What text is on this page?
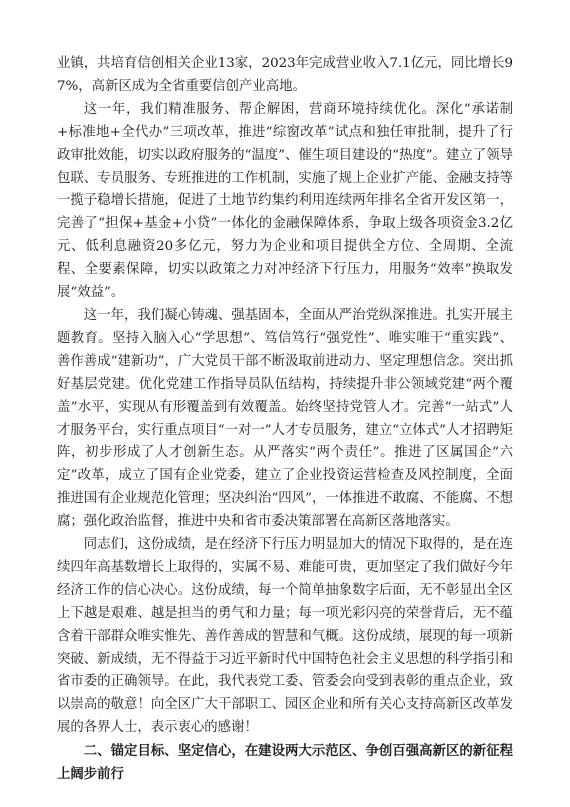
业镇，共培育信创相关企业13家，2023年完成营业收入7.1亿元，同比增长97%，高新区成为全省重要信创产业高地。

这一年，我们精准服务、帮企解困，营商环境持续优化。深化“承诺制+标准地+全代办”三项改革，推进“综窗改革”试点和独任审批制，提升了行政审批效能，切实以政府服务的“温度”、催生项目建设的“热度”。建立了领导包联、专员服务、专班推进的工作机制，实施了规上企业扩产能、金融支持等一揽子稳增长措施，促进了土地节约集约利用连续两年排名全省开发区第一，完善了“担保+基金+小贷”一体化的金融保障体系，争取上级各项资金3.2亿元、低利息融资20多亿元，努力为企业和项目提供全方位、全周期、全流程、全要素保障，切实以政策之力对冲经济下行压力，用服务“效率”换取发展“效益”。

这一年，我们凝心铸魂、强基固本，全面从严治党纵深推进。扎实开展主题教育。坚持入脑入心“学思想”、笃信笃行“强党性”、唯实唯干“重实践”、善作善成“建新功”，广大党员干部不断汲取前进动力、坚定理想信念。突出抓好基层党建。优化党建工作指导员队伍结构，持续提升非公领域党建“两个覆盖”水平，实现从有形覆盖到有效覆盖。始终坚持党管人才。完善“一站式”人才服务平台，实行重点项目“一对一”人才专员服务，建立“立体式”人才招聘矩阵，初步形成了人才创新生态。从严落实“两个责任”。推进了区属国企“六定”改革，成立了国有企业党委，建立了企业投资运营检查及风控制度，全面推进国有企业规范化管理；坚决纠治“四风”，一体推进不敢腐、不能腐、不想腐；强化政治监督，推进中央和省市委决策部署在高新区落地落实。

同志们，这份成绩，是在经济下行压力明显加大的情况下取得的，是在连续四年高基数增长上取得的，实属不易、难能可贵，更加坚定了我们做好今年经济工作的信心决心。这份成绩，每一个简单抽象数字后面，无不彰显出全区上下越是艰难、越是担当的勇气和力量；每一项光彩闪亮的荣誉背后，无不蕴含着干部群众唯实惟先、善作善成的智慧和气概。这份成绩，展现的每一项新突破、新成绩，无不得益于习近平新时代中国特色社会主义思想的科学指引和省市委的正确领导。在此，我代表党工委、管委会向受到表彰的重点企业，致以崇高的敬意！向全区广大干部职工、园区企业和所有关心支持高新区改革发展的各界人士，表示衷心的感谢！

二、锚定目标、坚定信心，在建设两大示范区、争创百强高新区的新征程上阔步前行
